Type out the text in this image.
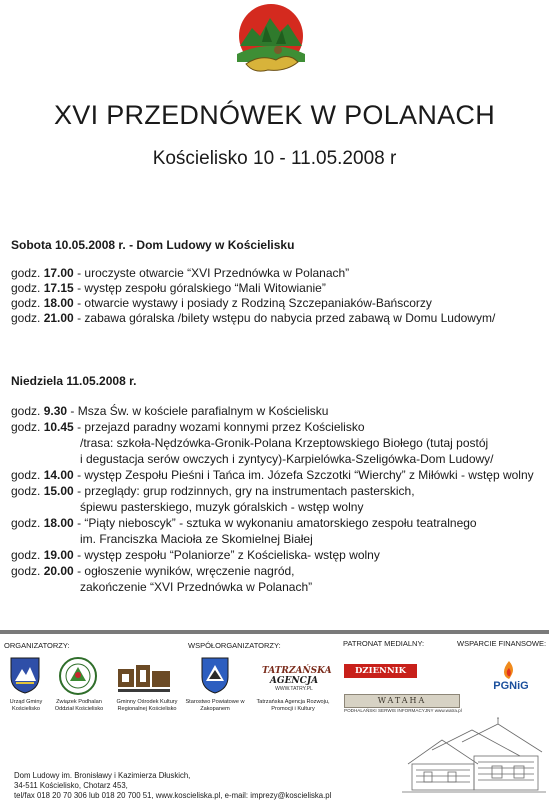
XVI PRZEDNÓWEK W POLANACH
Kościelisko 10 - 11.05.2008 r
Sobota 10.05.2008 r. - Dom Ludowy w Kościelisku
godz. 17.00 - uroczyste otwarcie “XVI Przednówka w Polanach”
godz. 17.15 - występ zespołu góralskiego “Mali Witowianie”
godz. 18.00 - otwarcie wystawy i posiady z Rodziną Szczepaniaków-Bańscorzy
godz. 21.00 - zabawa góralska /bilety wstępu do nabycia przed zabawą w Domu Ludowym/
Niedziela 11.05.2008 r.
godz. 9.30 - Msza Św. w kościele parafialnym w Kościelisku
godz. 10.45 - przejazd paradny wozami konnymi przez Kościelisko
/trasa: szkoła-Nędzówka-Gronik-Polana Krzeptowskiego Biołego (tutaj postój
i degustacja serów owczych i zyntycy)-Karpielówka-Szeligówka-Dom Ludowy/
godz. 14.00 - występ Zespołu Pieśni i Tańca im. Józefa Szczotki “Wierchy” z Miłówki - wstęp wolny
godz. 15.00 - przeglądy: grup rodzinnych, gry na instrumentach pasterskich,
śpiewu pasterskiego, muzyk góralskich - wstęp wolny
godz. 18.00 - “Piąty nieboscyk” - sztuka w wykonaniu amatorskiego zespołu teatralnego
im. Franciszka Macioła ze Skomielnej Białej
godz. 19.00 - występ zespołu “Polaniorze” z Kościeliska- wstęp wolny
godz. 20.00 - ogłoszenie wyników, wręczenie nagród,
zakończenie “XVI Przednówka w Polanach”
ORGANIZATORZY:	WSPÓŁORGANIZATORZY:	PATRONAT MEDIALNY:	WSPARCIE FINANSOWE:
Urząd Gminy Kościelisko
Związek Podhalan Oddział Kościelisko
Gminny Ośrodek Kultury Regionalnej Kościelisko
Starostwo Powiatowe w Zakopanem
TATRZAŃSKA
AGENCJA
WWW.TATRY.PL
Tatrzańska Agencja Rozwoju, Promocji i Kultury
DZIENNIK POLSKI
WATAHA
PODHALAŃSKI SERWIS INFORMACYJNY www.watra.pl
PGNiG
Dom Ludowy im. Bronisławy i Kazimierza Dłuskich,
34-511 Kościelisko, Chotarz 453,
tel/fax 018 20 70 306 lub 018 20 700 51, www.koscieliska.pl, e-mail: imprezy@koscieliska.pl
